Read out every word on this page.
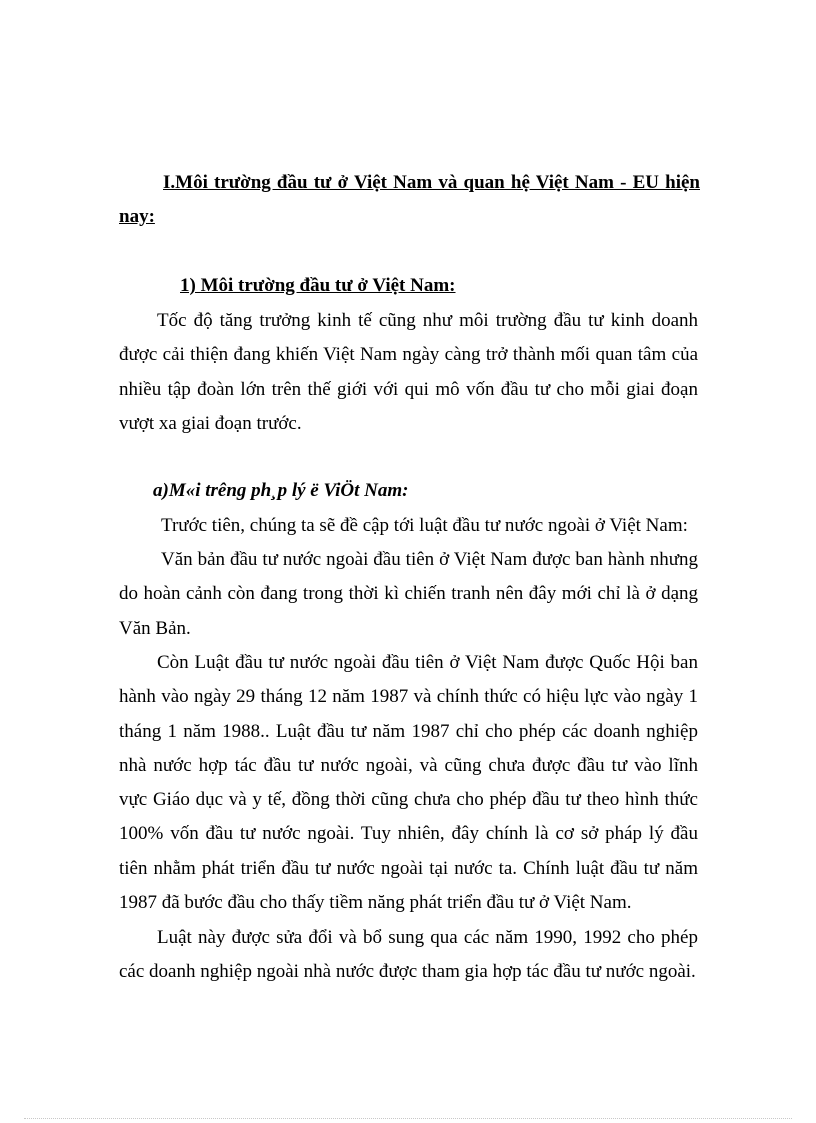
I.Môi trường đầu tư ở Việt Nam và quan hệ Việt Nam - EU hiện
nay:
1) Môi trường đầu tư ở Việt Nam:

Tốc độ tăng trưởng kinh tế cũng như môi trường đầu tư kinh doanh được cải thiện đang khiến Việt Nam ngày càng trở thành mối quan tâm của nhiều tập đoàn lớn trên thế giới với qui mô vốn đầu tư cho mỗi giai đoạn vượt xa giai đoạn trước.

a)M«i trêng ph¸p lý ë ViÖt Nam:

Trước tiên, chúng ta sẽ đề cập tới luật đầu tư nước ngoài ở Việt Nam:

Văn bản đầu tư nước ngoài đầu tiên ở Việt Nam được ban hành nhưng do hoàn cảnh còn đang trong thời kì chiến tranh nên đây mới chỉ là ở dạng Văn Bản.

Còn Luật đầu tư nước ngoài đầu tiên ở Việt Nam được Quốc Hội ban hành vào ngày 29 tháng 12 năm 1987 và chính thức có hiệu lực vào ngày 1 tháng 1 năm 1988.. Luật đầu tư năm 1987 chỉ cho phép các doanh nghiệp nhà nước hợp tác đầu tư nước ngoài, và cũng chưa được đầu tư vào lĩnh vực Giáo dục và y tế, đồng thời cũng chưa cho phép đầu tư theo hình thức 100% vốn đầu tư nước ngoài. Tuy nhiên, đây chính là cơ sở pháp lý đầu tiên nhằm phát triển đầu tư nước ngoài tại nước ta. Chính luật đầu tư năm 1987 đã bước đầu cho thấy tiềm năng phát triển đầu tư ở Việt Nam.

Luật này được sửa đổi và bổ sung qua các năm 1990, 1992 cho phép các doanh nghiệp ngoài nhà nước được tham gia hợp tác đầu tư nước ngoài.
